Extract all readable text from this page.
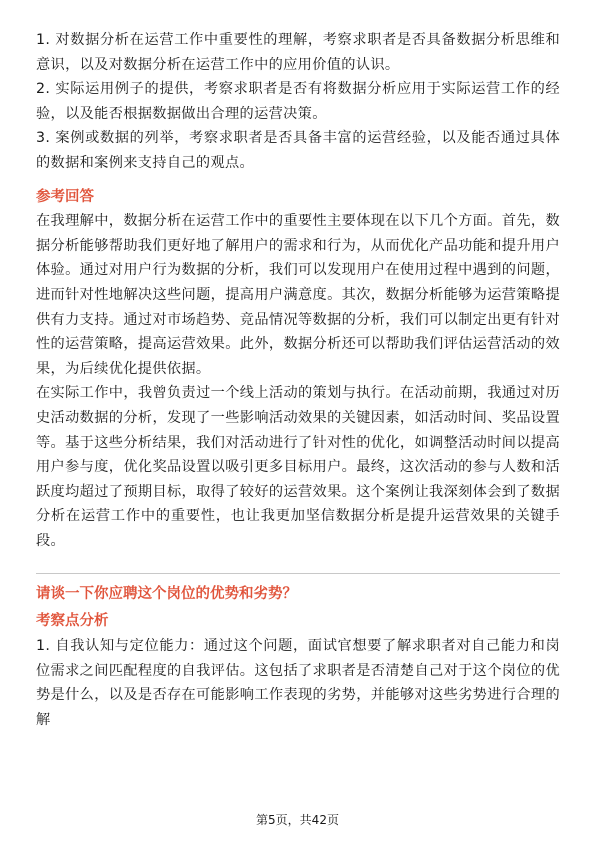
1. 对数据分析在运营工作中重要性的理解，考察求职者是否具备数据分析思维和意识，以及对数据分析在运营工作中的应用价值的认识。

2. 实际运用例子的提供，考察求职者是否有将数据分析应用于实际运营工作的经验，以及能否根据数据做出合理的运营决策。

3. 案例或数据的列举，考察求职者是否具备丰富的运营经验，以及能否通过具体的数据和案例来支持自己的观点。

参考回答

在我理解中，数据分析在运营工作中的重要性主要体现在以下几个方面。首先，数据分析能够帮助我们更好地了解用户的需求和行为，从而优化产品功能和提升用户体验。通过对用户行为数据的分析，我们可以发现用户在使用过程中遇到的问题，进而针对性地解决这些问题，提高用户满意度。其次，数据分析能够为运营策略提供有力支持。通过对市场趋势、竞品情况等数据的分析，我们可以制定出更有针对性的运营策略，提高运营效果。此外，数据分析还可以帮助我们评估运营活动的效果，为后续优化提供依据。

在实际工作中，我曾负责过一个线上活动的策划与执行。在活动前期，我通过对历史活动数据的分析，发现了一些影响活动效果的关键因素，如活动时间、奖品设置等。基于这些分析结果，我们对活动进行了针对性的优化，如调整活动时间以提高用户参与度，优化奖品设置以吸引更多目标用户。最终，这次活动的参与人数和活跃度均超过了预期目标，取得了较好的运营效果。这个案例让我深刻体会到了数据分析在运营工作中的重要性，也让我更加坚信数据分析是提升运营效果的关键手段。

请谈一下你应聘这个岗位的优势和劣势？
考察点分析

1. 自我认知与定位能力：通过这个问题，面试官想要了解求职者对自己能力和岗位需求之间匹配程度的自我评估。这包括了求职者是否清楚自己对于这个岗位的优势是什么，以及是否存在可能影响工作表现的劣势，并能够对这些劣势进行合理的解

第5页，共42页
